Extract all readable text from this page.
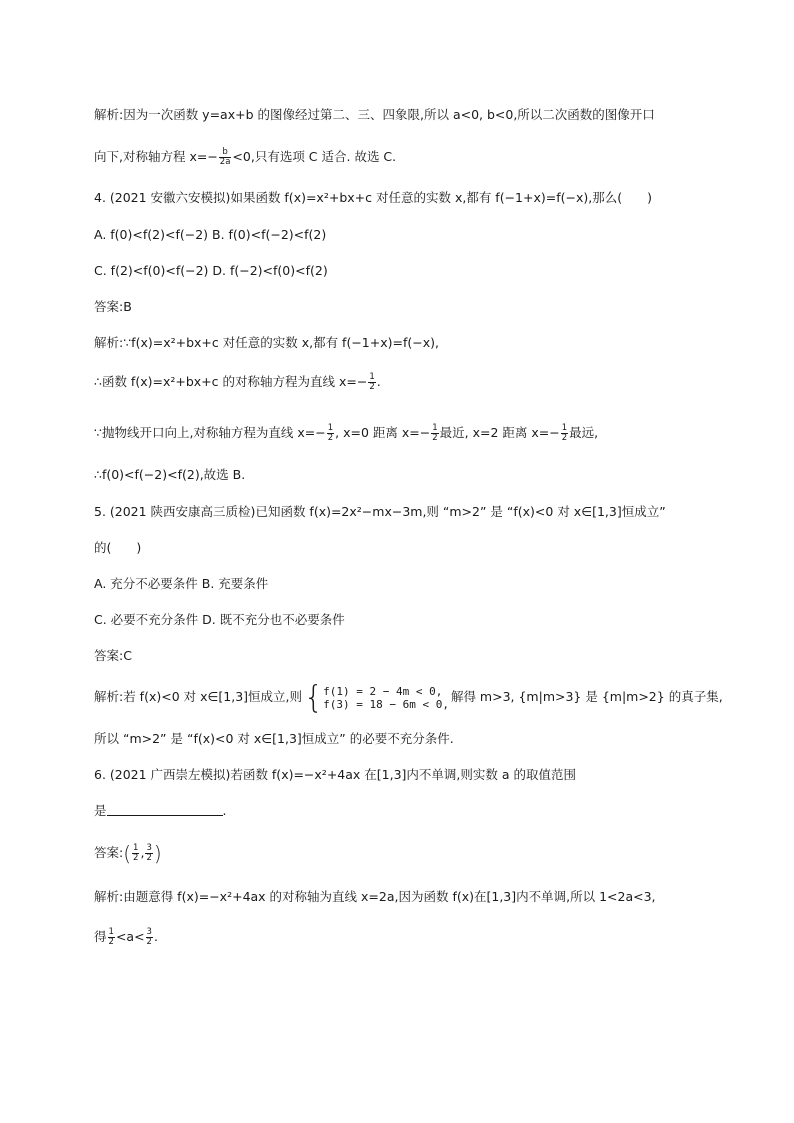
解析:因为一次函数 y=ax+b 的图像经过第二、三、四象限,所以 a<0, b<0,所以二次函数的图像开口
向下,对称轴方程 $x=- \frac{b}{2a} <0$,只有选项 C 适合. 故选 C.
4. (2021 安徽六安模拟)如果函数 f(x)=x²+bx+c 对任意的实数 x,都有 f(−1+x)=f(−x),那么(　　)
A. f(0)<f(2)<f(−2) B. f(0)<f(−2)<f(2)
C. f(2)<f(0)<f(−2) D. f(−2)<f(0)<f(2)
答案:B
解析:∵f(x)=x²+bx+c 对任意的实数 x,都有 f(−1+x)=f(−x),
∴函数 f(x)=x²+bx+c 的对称轴方程为直线 $x=- \frac{1}{2}$ .
∵抛物线开口向上,对称轴方程为直线 $x=- \frac{1}{2}$ , x=0 距离 $x=- \frac{1}{2}$ 最近, x=2 距离 $x=- \frac{1}{2}$ 最远,
∴f(0)<f(−2)<f(2),故选 B.
5. (2021 陕西安康高三质检)已知函数 f(x)=2x²−mx−3m,则 “m>2” 是 “f(x)<0 对 x∈[1,3]恒成立”
的(　　)
A. 充分不必要条件 B. 充要条件
C. 必要不充分条件 D. 既不充分也不必要条件
答案:C
解析:若 f(x)<0 对 x∈[1,3]恒成立,则 { f(1) = 2 − 4m < 0,
f(3) = 18 − 6m < 0, 解得 m>3, {m|m>3} 是 {m|m>2} 的真子集,
所以 “m>2” 是 “f(x)<0 对 x∈[1,3]恒成立” 的必要不充分条件.
6. (2021 广西崇左模拟)若函数 f(x)=−x²+4ax 在[1,3]内不单调,则实数 a 的取值范围
是	.
答案:( $\frac{1}{2}$ , $\frac{3}{2}$ )
解析:由题意得 f(x)=−x²+4ax 的对称轴为直线 x=2a,因为函数 f(x)在[1,3]内不单调,所以 1<2a<3,
得 $\frac{1}{2} <a< \frac{3}{2}$ .
